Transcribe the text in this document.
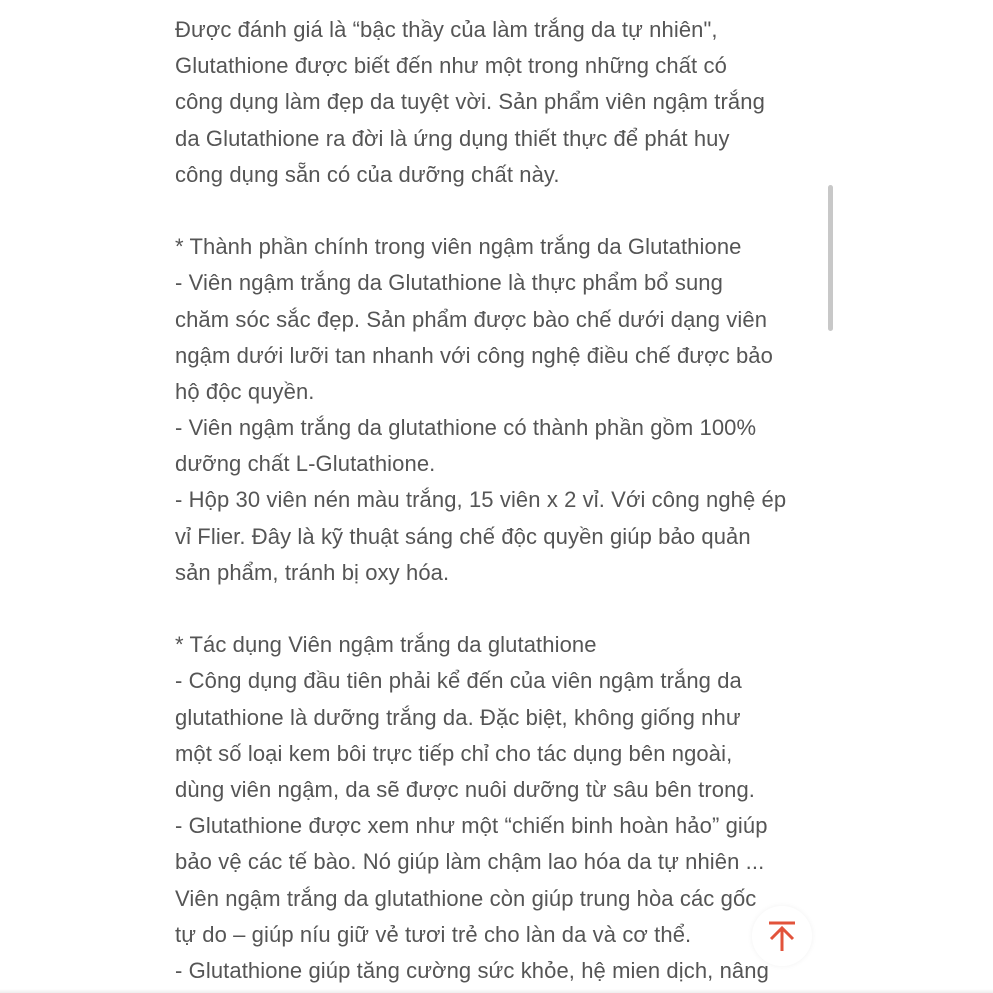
Được đánh giá là “bậc thầy của làm trắng da tự nhiên",
Glutathione được biết đến như một trong những chất có
công dụng làm đẹp da tuyệt vời. Sản phẩm viên ngậm trắng
da Glutathione ra đời là ứng dụng thiết thực để phát huy
công dụng sẵn có của dưỡng chất này.
* Thành phần chính trong viên ngậm trắng da Glutathione
- Viên ngậm trắng da Glutathione là thực phẩm bổ sung
chăm sóc sắc đẹp. Sản phẩm được bào chế dưới dạng viên
ngậm dưới lưỡi tan nhanh với công nghệ điều chế được bảo
hộ độc quyền.
- Viên ngậm trắng da glutathione có thành phần gồm 100%
dưỡng chất L-Glutathione.
- Hộp 30 viên nén màu trắng, 15 viên x 2 vỉ. Với công nghệ ép
vỉ Flier. Đây là kỹ thuật sáng chế độc quyền giúp bảo quản
sản phẩm, tránh bị oxy hóa.
* Tác dụng Viên ngậm trắng da glutathione
- Công dụng đầu tiên phải kể đến của viên ngậm trắng da
glutathione là dưỡng trắng da. Đặc biệt, không giống như
một số loại kem bôi trực tiếp chỉ cho tác dụng bên ngoài,
dùng viên ngậm, da sẽ được nuôi dưỡng từ sâu bên trong.
- Glutathione được xem như một “chiến binh hoàn hảo” giúp
bảo vệ các tế bào. Nó giúp làm chậm lao hóa da tự nhiên ...
Viên ngậm trắng da glutathione còn giúp trung hòa các gốc
tự do – giúp níu giữ vẻ tươi trẻ cho làn da và cơ thể.
- Glutathione giúp tăng cường sức khỏe, hệ mien dịch, nâng
